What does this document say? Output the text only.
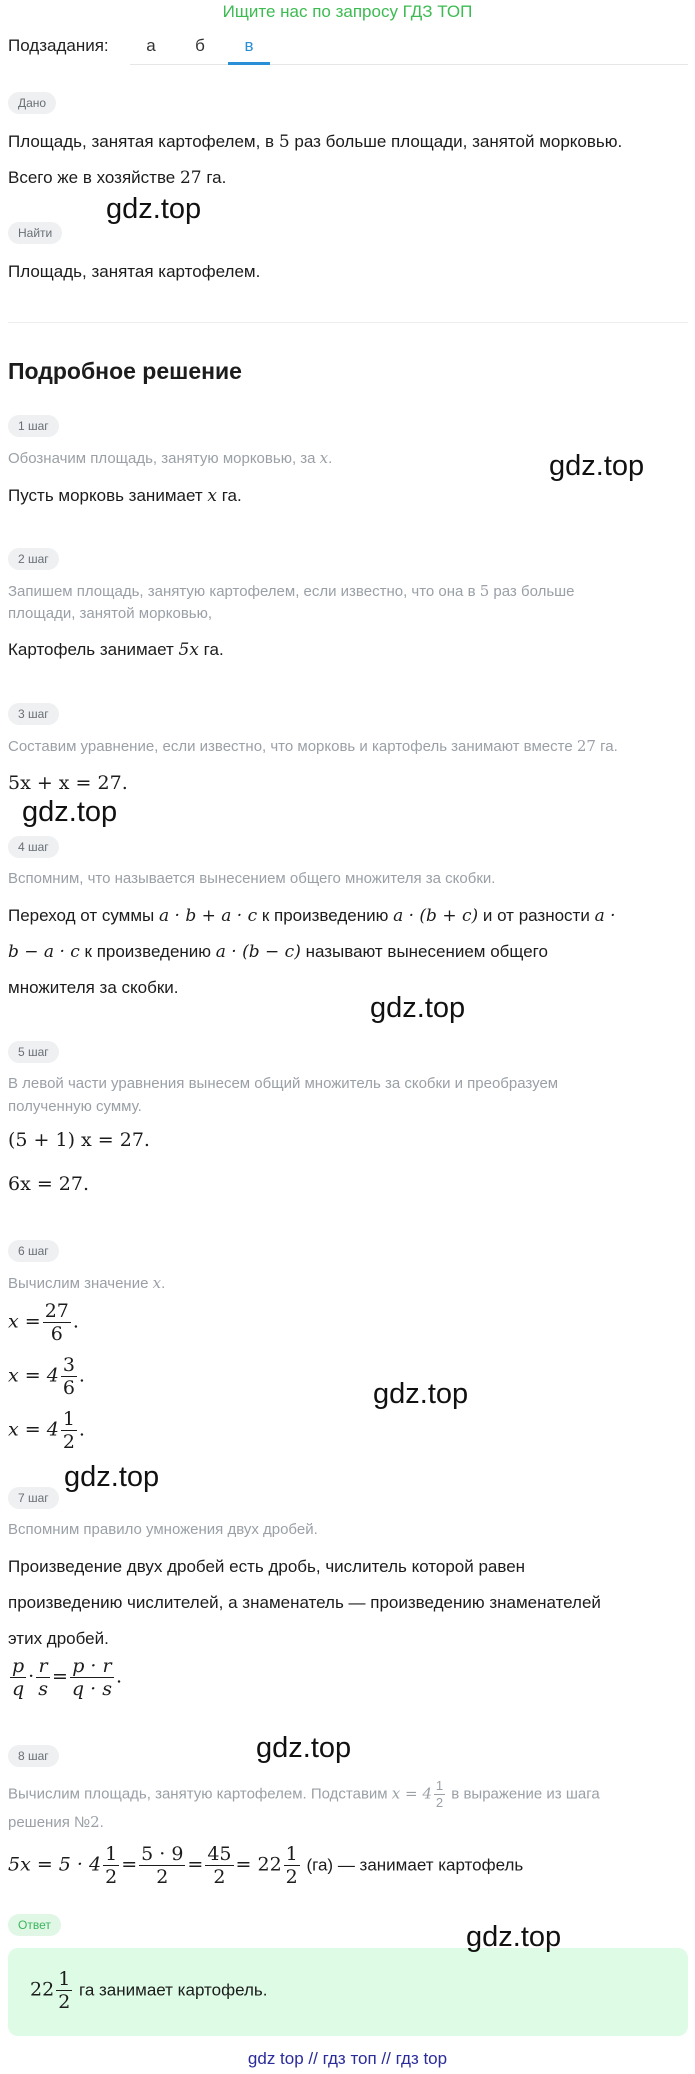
Ищите нас по запросу ГДЗ ТОП
Подзадания:	а	б	в
Дано
Площадь, занятая картофелем, в 5 раз больше площади, занятой морковью.
Всего же в хозяйстве 27 га.
gdz.top
Найти
Площадь, занятая картофелем.
Подробное решение
1 шаг
Обозначим площадь, занятую морковью, за x.	gdz.top
Пусть морковь занимает x га.
2 шаг
Запишем площадь, занятую картофелем, если известно, что она в 5 раз больше
площади, занятой морковью,
Картофель занимает 5x га.
3 шаг
Составим уравнение, если известно, что морковь и картофель занимают вместе 27 га.
5x + x = 27.
gdz.top
4 шаг
Вспомним, что называется вынесением общего множителя за скобки.
Переход от суммы a · b + a · c к произведению a · (b + c) и от разности a ·
b − a · c к произведению a · (b − c) называют вынесением общего
множителя за скобки.
gdz.top
5 шаг
В левой части уравнения вынесем общий множитель за скобки и преобразуем
полученную сумму.
(5 + 1) x = 27.
6x = 27.
6 шаг
Вычислим значение x.
$x = \frac{27}{6}$ .
$x = 4 \frac{3}{6}$ .
gdz.top
$x = 4 \frac{1}{2}$ .
gdz.top
7 шаг
Вспомним правило умножения двух дробей.
Произведение двух дробей есть дробь, числитель которой равен
произведению числителей, а знаменатель — произведению знаменателей
этих дробей.
$\frac{p}{q} \cdot \frac{r}{s} = \frac{p \cdot r}{q \cdot s}$ .
gdz.top
8 шаг
Вычислим площадь, занятую картофелем. Подставим $x = 4 \frac{1}{2}$ в выражение из шага
решения №2.
$5x = 5 \cdot 4 \frac{1}{2} = \frac{5 \cdot 9}{2} = \frac{45}{2} = 22 \frac{1}{2} (га)$ — занимает картофель
Ответ	gdz.top
$22 \frac{1}{2}$ га занимает картофель.
gdz top // гдз топ // гдз top
